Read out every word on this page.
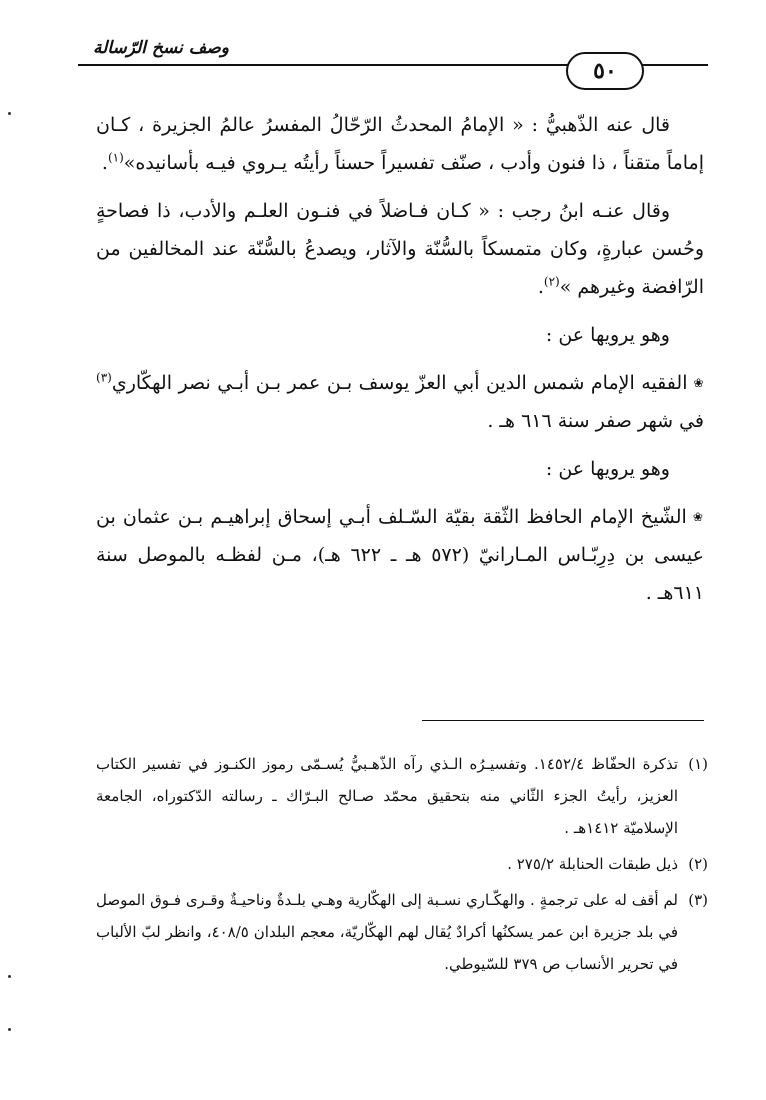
وصف نسخ الرّسالة
٥٠

قال عنه الذّهبيُّ : « الإمامُ المحدثُ الرّحّالُ المفسرُ عالمُ الجزيرة ، كـان إماماً متقناً ، ذا فنون وأدب ، صنّف تفسيراً حسناً رأيتُه يـروي فيـه بأسانيده»$^{(١)}$.

وقال عنـه ابنُ رجب : « كـان فـاضلاً في فنـون العلـم والأدب، ذا فصاحةٍ وحُسن عبارةٍ، وكان متمسكاً بالسُّنّة والآثار، ويصدعُ بالسُّنّة عند المخالفين من الرّافضة وغيرهم »$^{(٢)}$.

وهو يرويها عن :

❀ الفقيه الإمام شمس الدين أبي العزّ يوسف بـن عمر بـن أبـي نصر الهكّاري$^{(٣)}$ في شهر صفر سنة ٦١٦ هـ .

وهو يرويها عن :

❀ الشّيخ الإمام الحافظ الثّقة بقيّة السّـلف أبـي إسحاق إبراهيـم بـن عثمان بن عيسى بن دِرِبّـاس المـارانيّ (٥٧٢ هـ ـ ٦٢٢ هـ)، مـن لفظـه بالموصل سنة ٦١١هـ .

(١)
تذكرة الحفّاظ ١٤٥٢/٤. وتفسيـرُه الـذي رآه الذّهـبيُّ يُسـمّى رموز الكنـوز في تفسير الكتاب العزيز، رأيتُ الجزء الثّاني منه بتحقيق محمّد صـالح البـرّاك ـ رسالته الدّكتوراه، الجامعة الإسلاميّة ١٤١٢هـ .

(٢)
ذيل طبقات الحنابلة ٢٧٥/٢ .

(٣)
لم أقف له على ترجمةٍ . والهكّـاري نسـبة إلى الهكّارية وهـي بلـدةٌ وناحيـةٌ وقـرى فـوق الموصل في بلد جزيرة ابن عمر يسكنُها أكرادٌ يُقال لهم الهكّاريّة، معجم البلدان ٤٠٨/٥، وانظر لبّ الألباب في تحرير الأنساب ص ٣٧٩ للسّيوطي.
